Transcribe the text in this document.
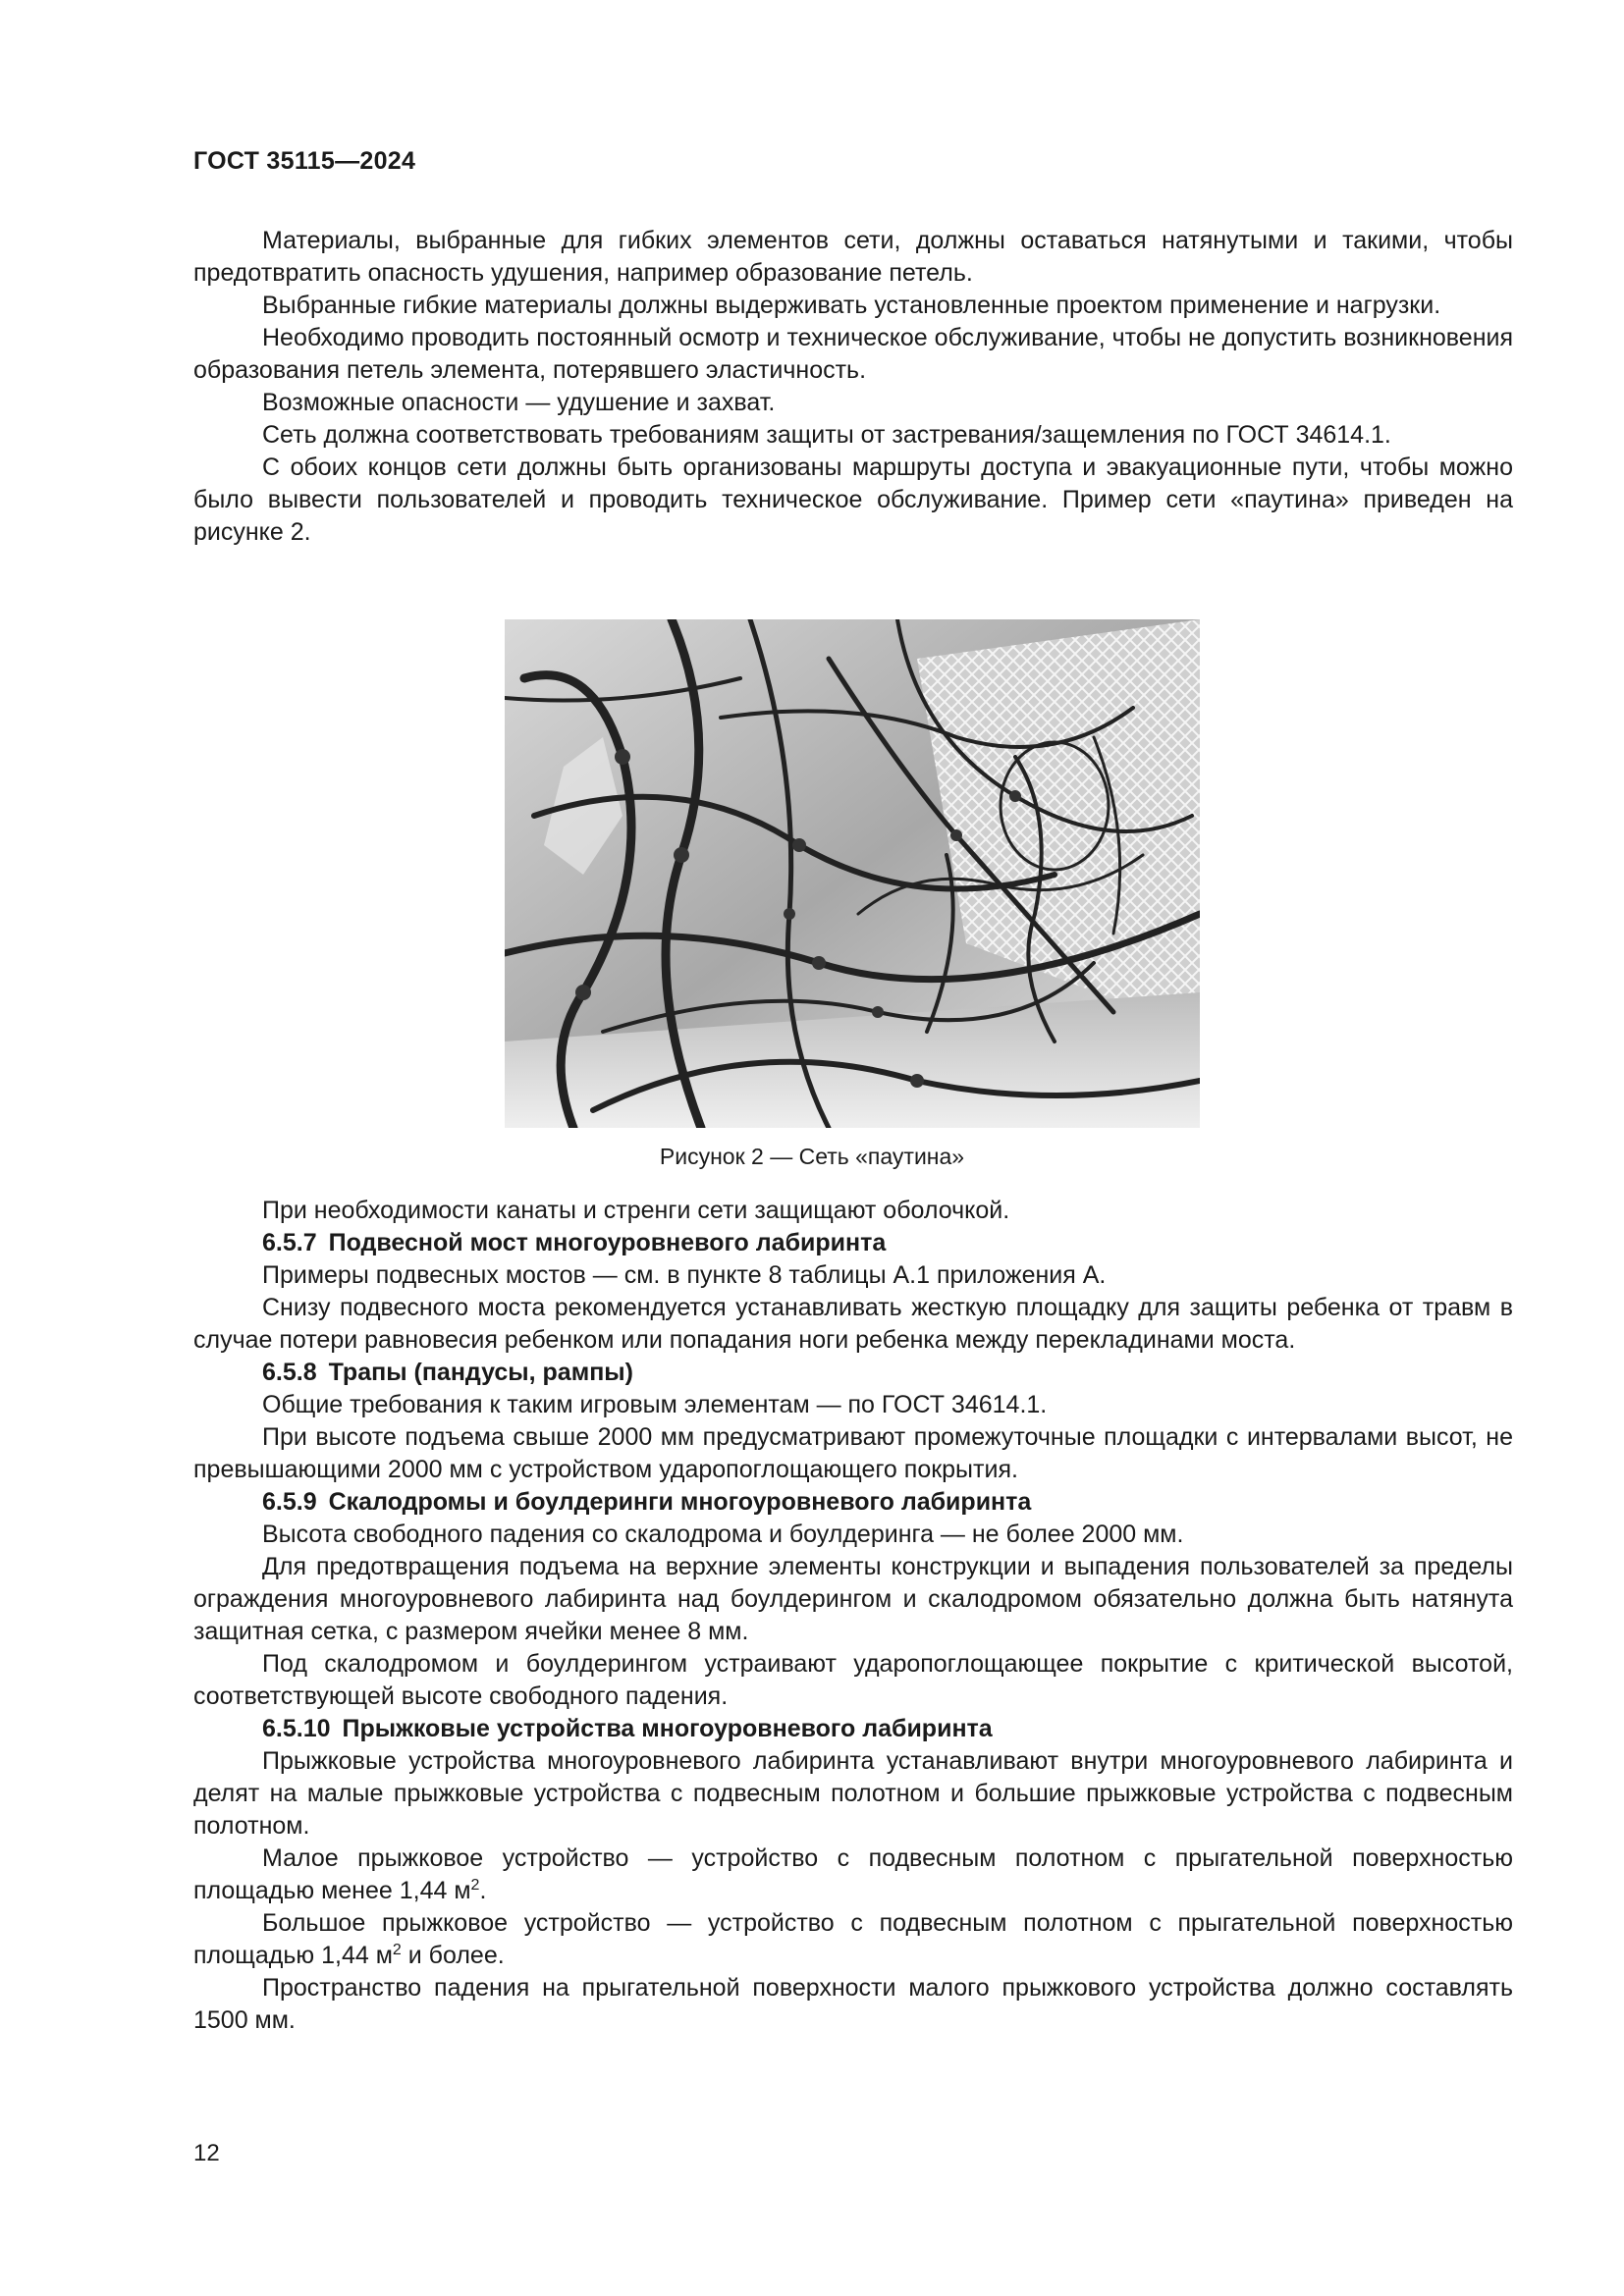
ГОСТ 35115—2024

Материалы, выбранные для гибких элементов сети, должны оставаться натянутыми и такими, чтобы предотвратить опасность удушения, например образование петель.

Выбранные гибкие материалы должны выдерживать установленные проектом применение и нагрузки.

Необходимо проводить постоянный осмотр и техническое обслуживание, чтобы не допустить возникновения образования петель элемента, потерявшего эластичность.

Возможные опасности — удушение и захват.

Сеть должна соответствовать требованиям защиты от застревания/защемления по ГОСТ 34614.1.

С обоих концов сети должны быть организованы маршруты доступа и эвакуационные пути, чтобы можно было вывести пользователей и проводить техническое обслуживание. Пример сети «паутина» приведен на рисунке 2.

Рисунок 2 — Сеть «паутина»

При необходимости канаты и стренги сети защищают оболочкой.

6.5.7 Подвесной мост многоуровневого лабиринта

Примеры подвесных мостов — см. в пункте 8 таблицы А.1 приложения А.

Снизу подвесного моста рекомендуется устанавливать жесткую площадку для защиты ребенка от травм в случае потери равновесия ребенком или попадания ноги ребенка между перекладинами моста.

6.5.8 Трапы (пандусы, рампы)

Общие требования к таким игровым элементам — по ГОСТ 34614.1.

При высоте подъема свыше 2000 мм предусматривают промежуточные площадки с интервалами высот, не превышающими 2000 мм с устройством ударопоглощающего покрытия.

6.5.9 Скалодромы и боулдеринги многоуровневого лабиринта

Высота свободного падения со скалодрома и боулдеринга — не более 2000 мм.

Для предотвращения подъема на верхние элементы конструкции и выпадения пользователей за пределы ограждения многоуровневого лабиринта над боулдерингом и скалодромом обязательно должна быть натянута защитная сетка, с размером ячейки менее 8 мм.

Под скалодромом и боулдерингом устраивают ударопоглощающее покрытие с критической высотой, соответствующей высоте свободного падения.

6.5.10 Прыжковые устройства многоуровневого лабиринта

Прыжковые устройства многоуровневого лабиринта устанавливают внутри многоуровневого лабиринта и делят на малые прыжковые устройства с подвесным полотном и большие прыжковые устройства с подвесным полотном.

Малое прыжковое устройство — устройство с подвесным полотном с прыгательной поверхностью площадью менее 1,44 $м^2$.

Большое прыжковое устройство — устройство с подвесным полотном с прыгательной поверхностью площадью 1,44 $м^2$ и более.

Пространство падения на прыгательной поверхности малого прыжкового устройства должно составлять 1500 мм.

12
